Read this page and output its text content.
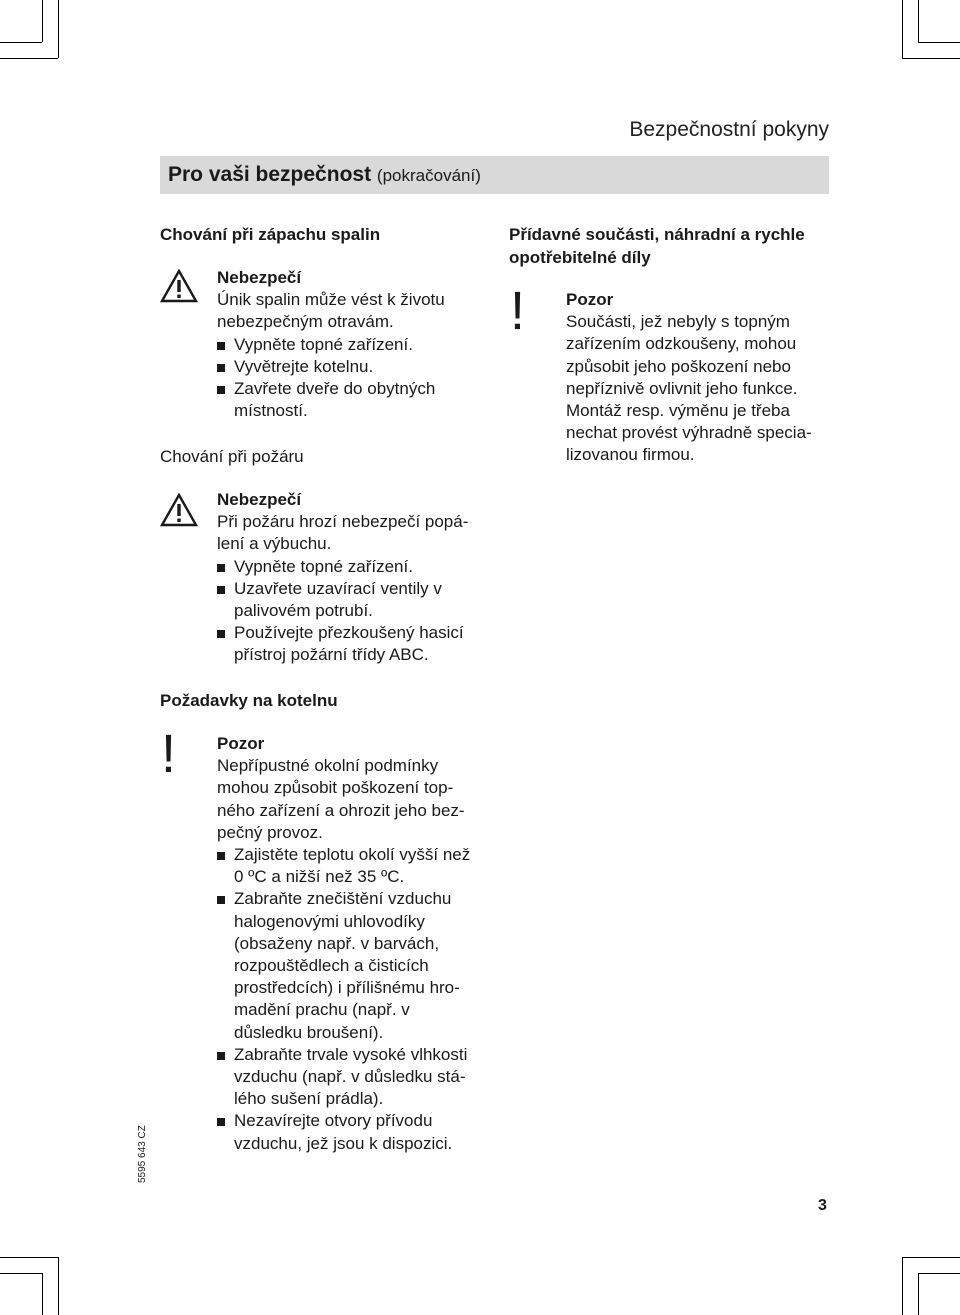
Bezpečnostní pokyny
Pro vaši bezpečnost (pokračování)
Chování při zápachu spalin
Nebezpečí
Únik spalin může vést k životu
nebezpečným otravám.
Vypněte topné zařízení.
Vyvětrejte kotelnu.
Zavřete dveře do obytných
místností.
Chování při požáru
Nebezpečí
Při požáru hrozí nebezpečí popá-
lení a výbuchu.
Vypněte topné zařízení.
Uzavřete uzavírací ventily v
palivovém potrubí.
Používejte přezkoušený hasicí
přístroj požární třídy ABC.
Požadavky na kotelnu
! Pozor
Nepřípustné okolní podmínky
mohou způsobit poškození top-
ného zařízení a ohrozit jeho bez-
pečný provoz.
Zajistěte teplotu okolí vyšší než
0 ºC a nižší než 35 ºC.
Zabraňte znečištění vzduchu
halogenovými uhlovodíky
(obsaženy např. v barvách,
rozpouštědlech a čisticích
prostředcích) i přílišnému hro-
madění prachu (např. v
důsledku broušení).
Zabraňte trvale vysoké vlhkosti
vzduchu (např. v důsledku stá-
lého sušení prádla).
Nezavírejte otvory přívodu
vzduchu, jež jsou k dispozici.
Přídavné součásti, náhradní a rychle
opotřebitelné díly
! Pozor
Součásti, jež nebyly s topným
zařízením odzkoušeny, mohou
způsobit jeho poškození nebo
nepříznivě ovlivnit jeho funkce.
Montáž resp. výměnu je třeba
nechat provést výhradně specia-
lizovanou firmou.
5595 643 CZ
3
